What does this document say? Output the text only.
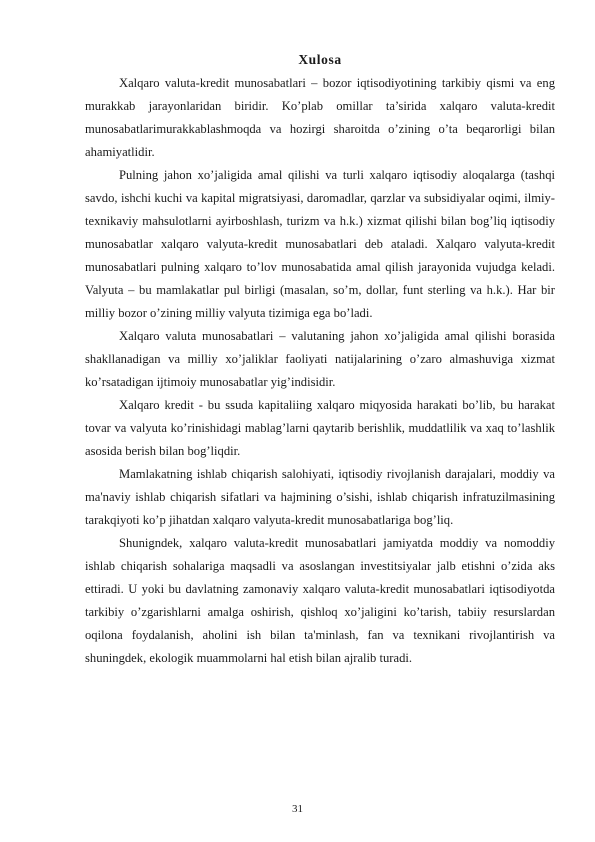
Xulosa

Xalqaro valuta-kredit munosabatlari – bozor iqtisodiyotining tarkibiy qismi va eng murakkab jarayonlaridan biridir. Ko’plab omillar ta’sirida xalqaro valuta-kredit munosabatlarimurakkablashmoqda va hozirgi sharoitda o’zining o’ta beqarorligi bilan ahamiyatlidir.

Pulning jahon xo’jaligida amal qilishi va turli xalqaro iqtisodiy aloqalarga (tashqi savdo, ishchi kuchi va kapital migratsiyasi, daromadlar, qarzlar va subsidiyalar oqimi, ilmiy-texnikaviy mahsulotlarni ayirboshlash, turizm va h.k.) xizmat qilishi bilan bog’liq iqtisodiy munosabatlar xalqaro valyuta-kredit munosabatlari deb ataladi. Xalqaro valyuta-kredit munosabatlari pulning xalqaro to’lov munosabatida amal qilish jarayonida vujudga keladi. Valyuta – bu mamlakatlar pul birligi (masalan, so’m, dollar, funt sterling va h.k.). Har bir milliy bozor o’zining milliy valyuta tizimiga ega bo’ladi.

Xalqaro valuta munosabatlari – valutaning jahon xo’jaligida amal qilishi borasida shakllanadigan va milliy xo’jaliklar faoliyati natijalarining o’zaro almashuviga xizmat ko’rsatadigan ijtimoiy munosabatlar yig’indisidir.

Xalqaro kredit - bu ssuda kapitaliing xalqaro miqyosida harakati bo’lib, bu harakat tovar va valyuta ko’rinishidagi mablag’larni qaytarib berishlik, muddatlilik va xaq to’lashlik asosida berish bilan bog’liqdir.

Mamlakatning ishlab chiqarish salohiyati, iqtisodiy rivojlanish darajalari, moddiy va ma'naviy ishlab chiqarish sifatlari va hajmining o’sishi, ishlab chiqarish infratuzilmasining tarakqiyoti ko’p jihatdan xalqaro valyuta-kredit munosabatlariga bog’liq.

Shunigndek, xalqaro valuta-kredit munosabatlari jamiyatda moddiy va nomoddiy ishlab chiqarish sohalariga maqsadli va asoslangan investitsiyalar jalb etishni o’zida aks ettiradi. U yoki bu davlatning zamonaviy xalqaro valuta-kredit munosabatlari iqtisodiyotda tarkibiy o’zgarishlarni amalga oshirish, qishloq xo’jaligini ko’tarish, tabiiy resurslardan oqilona foydalanish, aholini ish bilan ta'minlash, fan va texnikani rivojlantirish va shuningdek, ekologik muammolarni hal etish bilan ajralib turadi.

31
